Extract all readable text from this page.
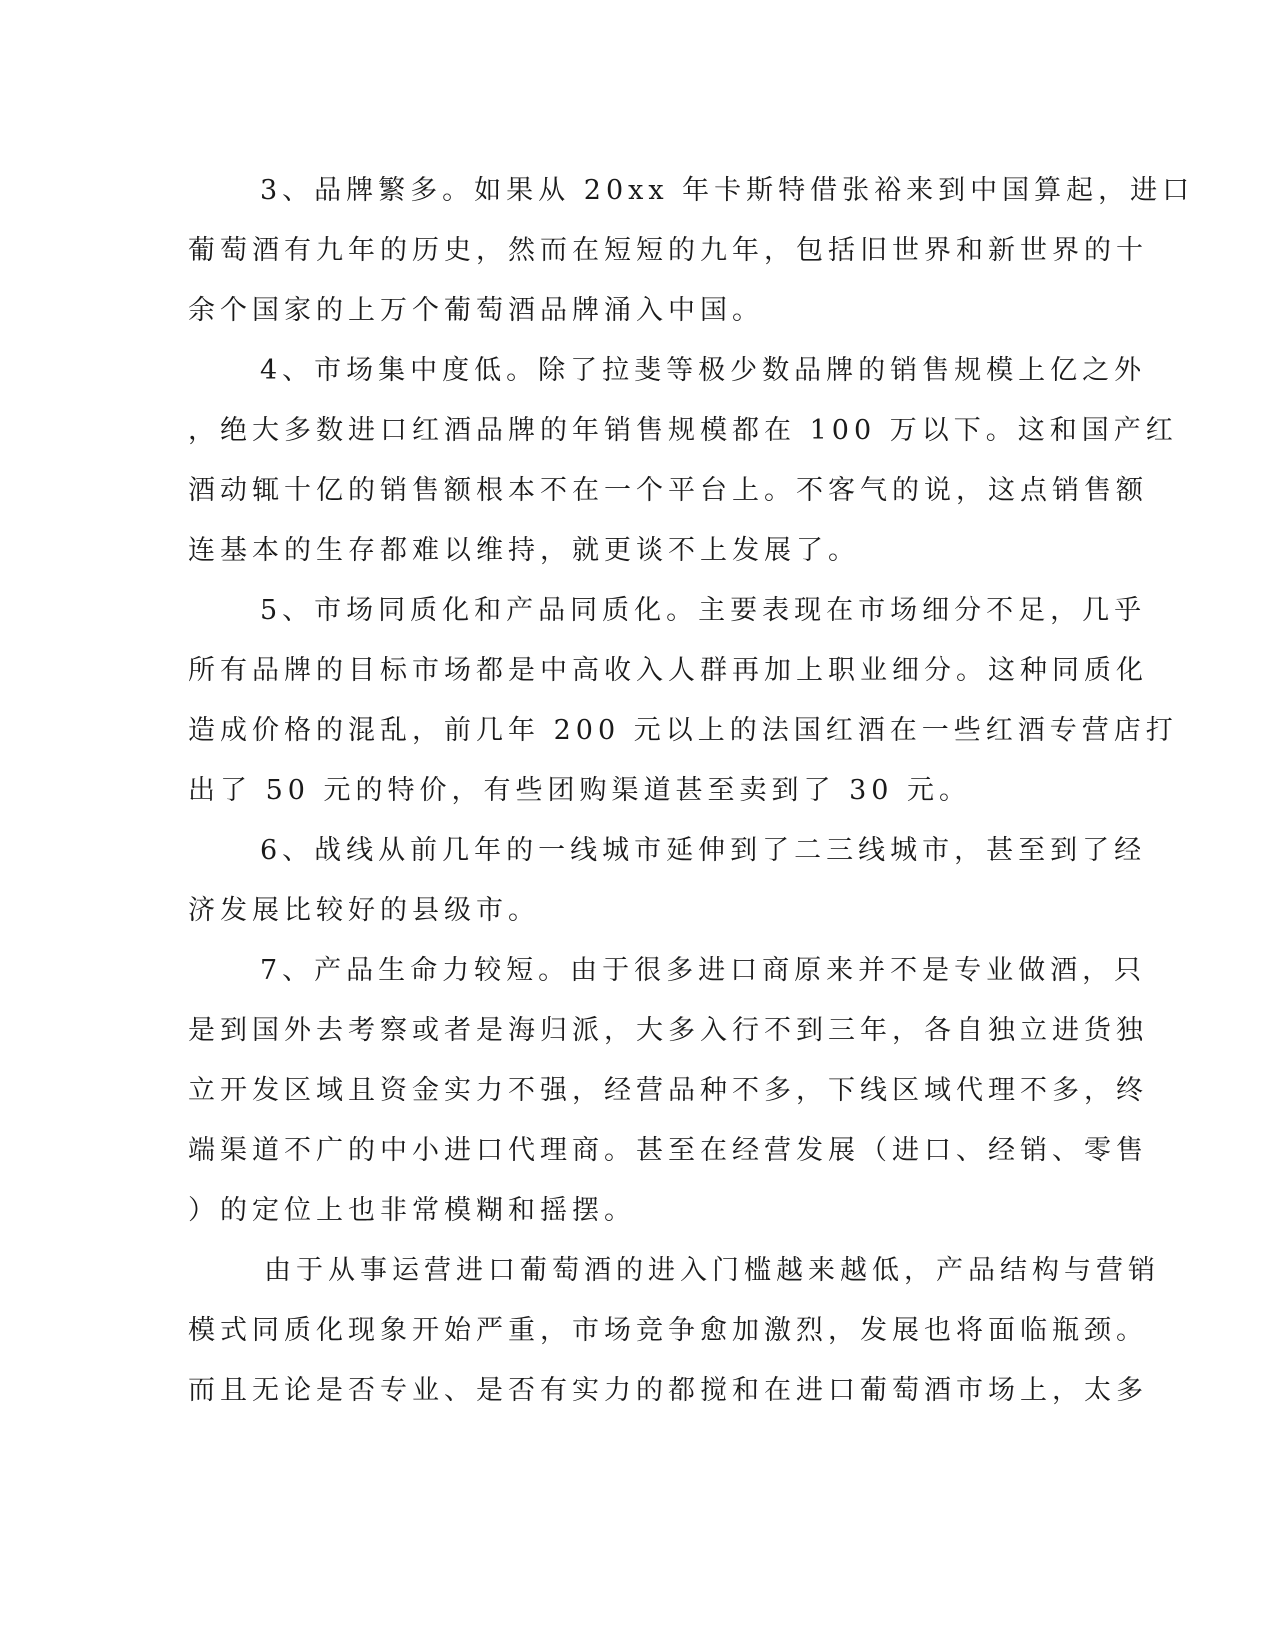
3、品牌繁多。如果从 20xx 年卡斯特借张裕来到中国算起，进口
葡萄酒有九年的历史，然而在短短的九年，包括旧世界和新世界的十
余个国家的上万个葡萄酒品牌涌入中国。
4、市场集中度低。除了拉斐等极少数品牌的销售规模上亿之外
，绝大多数进口红酒品牌的年销售规模都在 100 万以下。这和国产红
酒动辄十亿的销售额根本不在一个平台上。不客气的说，这点销售额
连基本的生存都难以维持，就更谈不上发展了。
5、市场同质化和产品同质化。主要表现在市场细分不足，几乎
所有品牌的目标市场都是中高收入人群再加上职业细分。这种同质化
造成价格的混乱，前几年 200 元以上的法国红酒在一些红酒专营店打
出了 50 元的特价，有些团购渠道甚至卖到了 30 元。
6、战线从前几年的一线城市延伸到了二三线城市，甚至到了经
济发展比较好的县级市。
7、产品生命力较短。由于很多进口商原来并不是专业做酒，只
是到国外去考察或者是海归派，大多入行不到三年，各自独立进货独
立开发区域且资金实力不强，经营品种不多，下线区域代理不多，终
端渠道不广的中小进口代理商。甚至在经营发展（进口、经销、零售
）的定位上也非常模糊和摇摆。
由于从事运营进口葡萄酒的进入门槛越来越低，产品结构与营销
模式同质化现象开始严重，市场竞争愈加激烈，发展也将面临瓶颈。
而且无论是否专业、是否有实力的都搅和在进口葡萄酒市场上，太多
